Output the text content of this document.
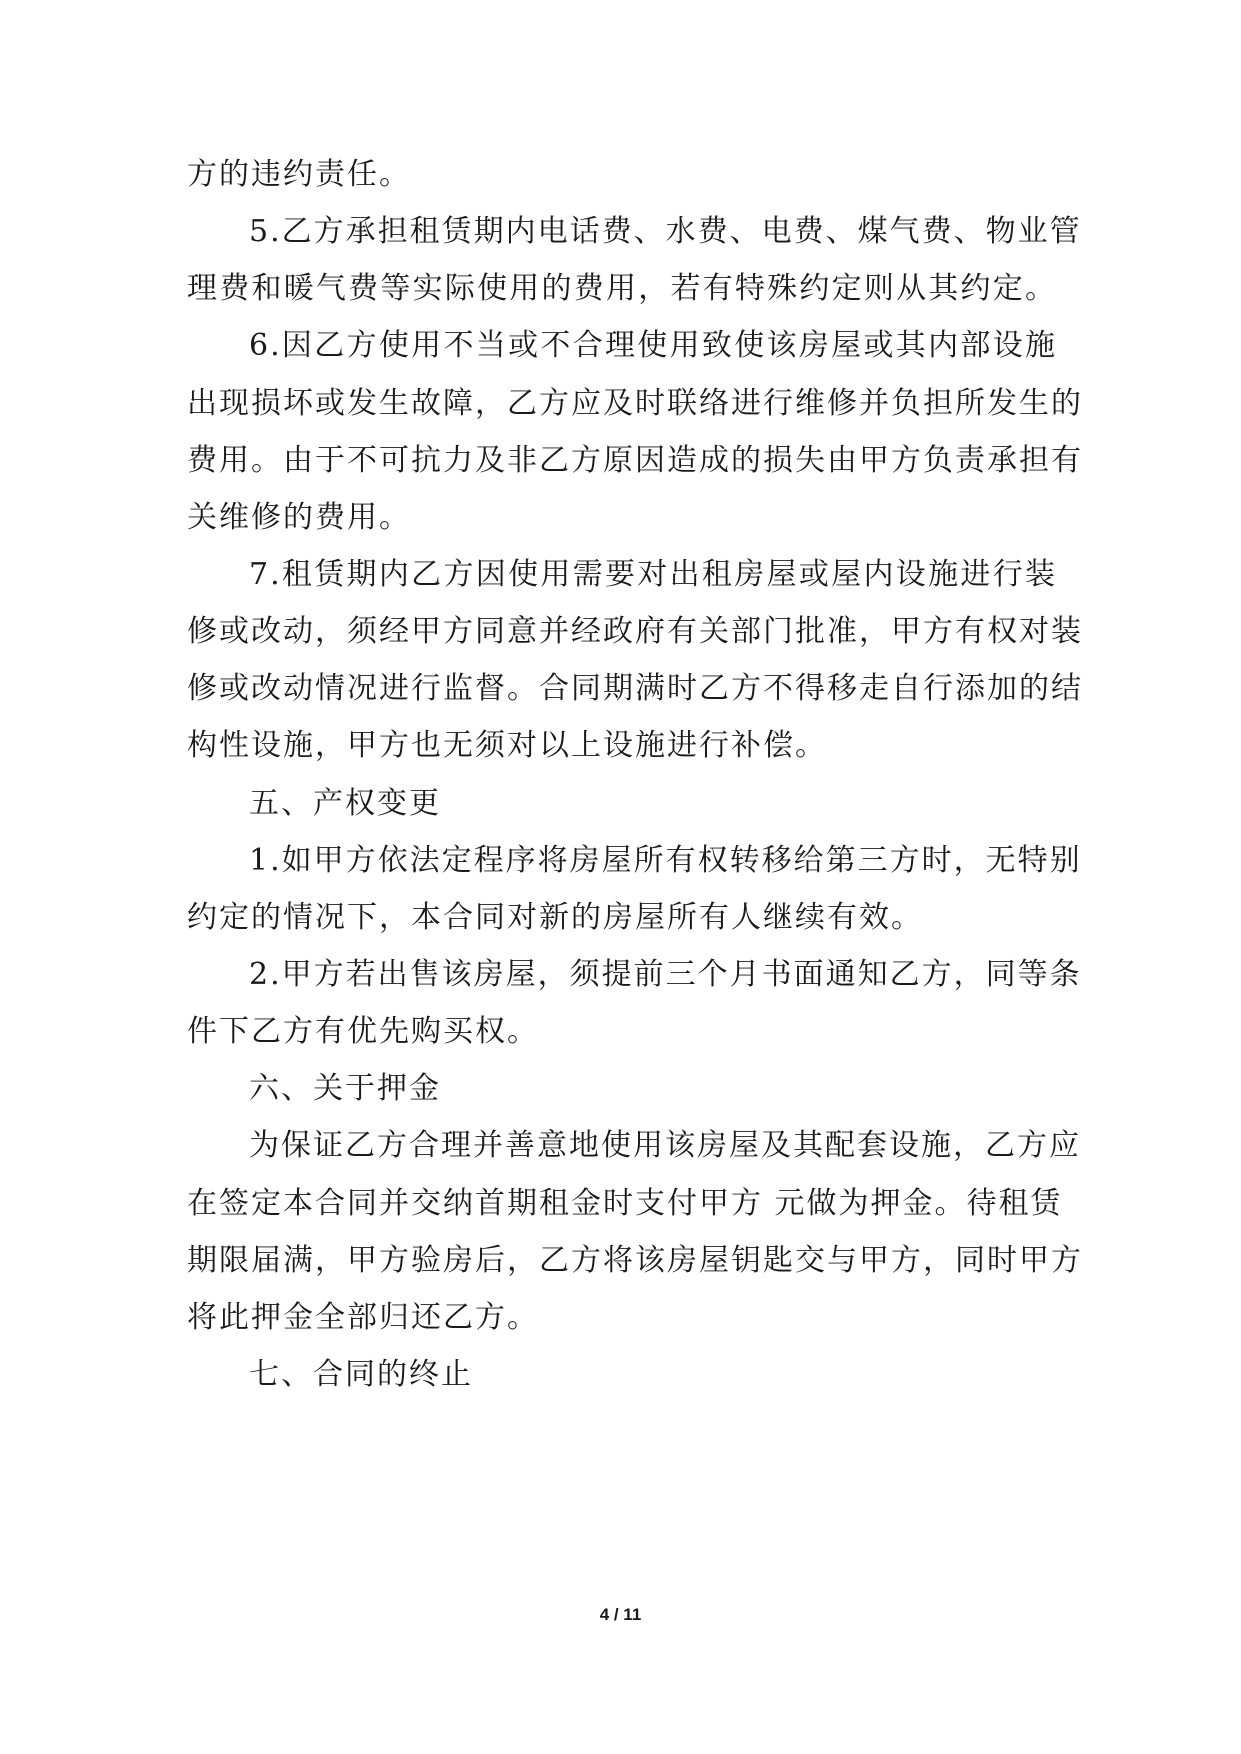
方的违约责任。
5.乙方承担租赁期内电话费、水费、电费、煤气费、物业管
理费和暖气费等实际使用的费用，若有特殊约定则从其约定。
6.因乙方使用不当或不合理使用致使该房屋或其内部设施
出现损坏或发生故障，乙方应及时联络进行维修并负担所发生的
费用。由于不可抗力及非乙方原因造成的损失由甲方负责承担有
关维修的费用。
7.租赁期内乙方因使用需要对出租房屋或屋内设施进行装
修或改动，须经甲方同意并经政府有关部门批准，甲方有权对装
修或改动情况进行监督。合同期满时乙方不得移走自行添加的结
构性设施，甲方也无须对以上设施进行补偿。
五、产权变更
1.如甲方依法定程序将房屋所有权转移给第三方时，无特别
约定的情况下，本合同对新的房屋所有人继续有效。
2.甲方若出售该房屋，须提前三个月书面通知乙方，同等条
件下乙方有优先购买权。
六、关于押金
为保证乙方合理并善意地使用该房屋及其配套设施，乙方应
在签定本合同并交纳首期租金时支付甲方 元做为押金。待租赁
期限届满，甲方验房后，乙方将该房屋钥匙交与甲方，同时甲方
将此押金全部归还乙方。
七、合同的终止
4 / 11
